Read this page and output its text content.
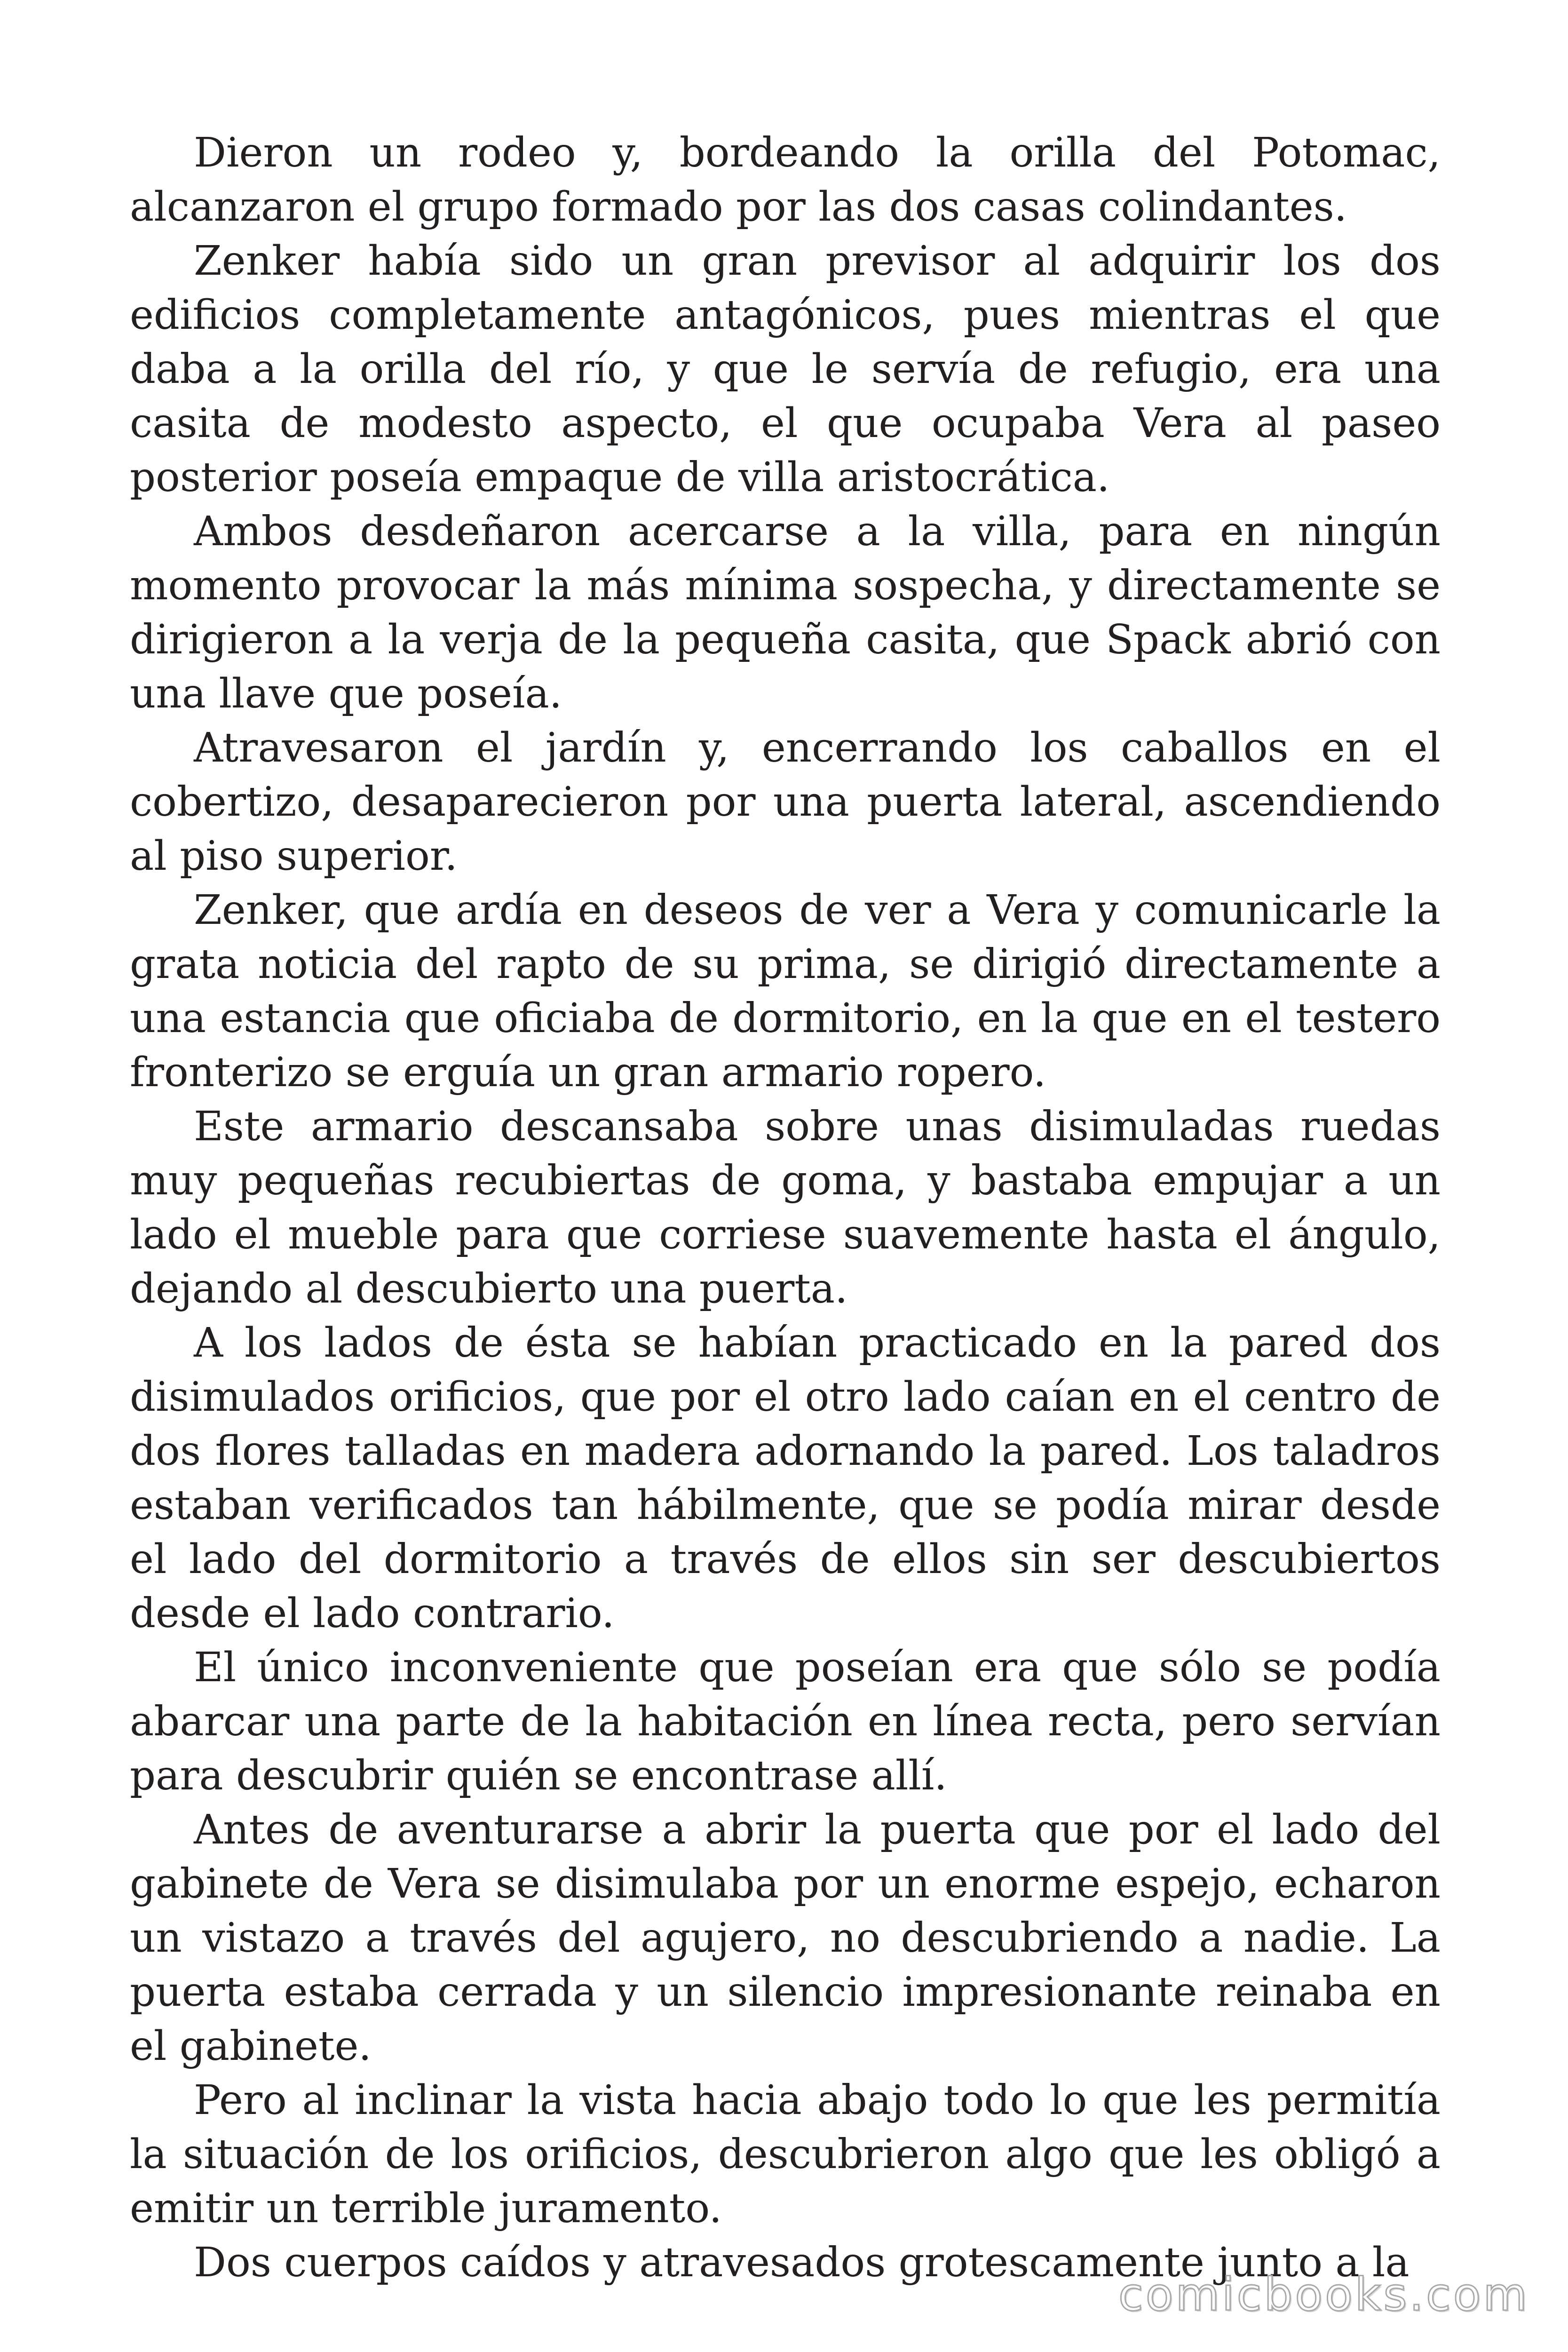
Dieron un rodeo y, bordeando la orilla del Potomac, alcanzaron el grupo formado por las dos casas colindantes.

Zenker había sido un gran previsor al adquirir los dos edificios completamente antagónicos, pues mientras el que daba a la orilla del río, y que le servía de refugio, era una casita de modesto aspecto, el que ocupaba Vera al paseo posterior poseía empaque de villa aristocrática.

Ambos desdeñaron acercarse a la villa, para en ningún momento provocar la más mínima sospecha, y directamente se dirigieron a la verja de la pequeña casita, que Spack abrió con una llave que poseía.

Atravesaron el jardín y, encerrando los caballos en el cobertizo, desaparecieron por una puerta lateral, ascendiendo al piso superior.

Zenker, que ardía en deseos de ver a Vera y comunicarle la grata noticia del rapto de su prima, se dirigió directamente a una estancia que oficiaba de dormitorio, en la que en el testero fronterizo se erguía un gran armario ropero.

Este armario descansaba sobre unas disimuladas ruedas muy pequeñas recubiertas de goma, y bastaba empujar a un lado el mueble para que corriese suavemente hasta el ángulo, dejando al descubierto una puerta.

A los lados de ésta se habían practicado en la pared dos disimulados orificios, que por el otro lado caían en el centro de dos flores talladas en madera adornando la pared. Los taladros estaban verificados tan hábilmente, que se podía mirar desde el lado del dormitorio a través de ellos sin ser descubiertos desde el lado contrario.

El único inconveniente que poseían era que sólo se podía abarcar una parte de la habitación en línea recta, pero servían para descubrir quién se encontrase allí.

Antes de aventurarse a abrir la puerta que por el lado del gabinete de Vera se disimulaba por un enorme espejo, echaron un vistazo a través del agujero, no descubriendo a nadie. La puerta estaba cerrada y un silencio impresionante reinaba en el gabinete.

Pero al inclinar la vista hacia abajo todo lo que les permitía la situación de los orificios, descubrieron algo que les obligó a emitir un terrible juramento.

Dos cuerpos caídos y atravesados grotescamente junto a la

comicbooks.com
